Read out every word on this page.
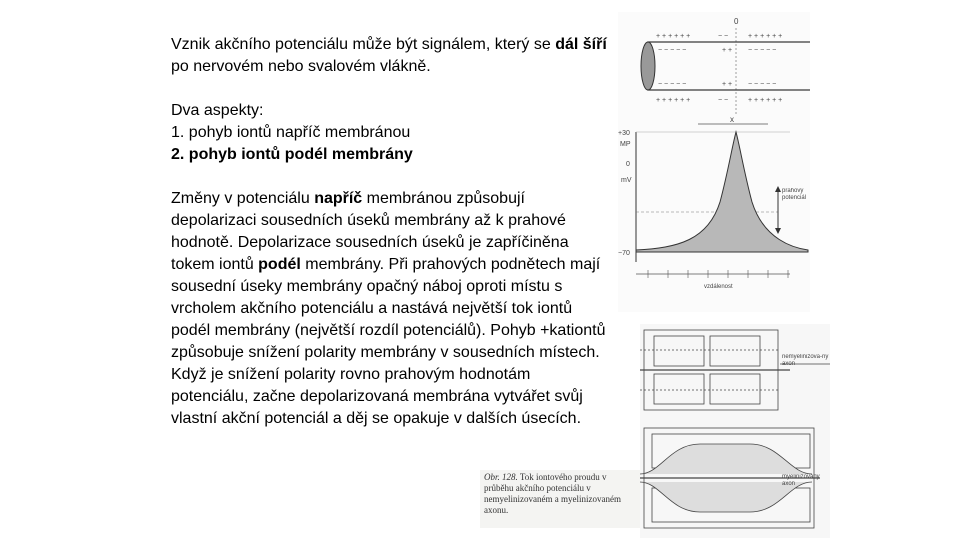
Vznik akčního potenciálu může být signálem, který se dál šíří po nervovém nebo svalovém vlákně.

Dva aspekty:
1. pohyb iontů napříč membránou
2. pohyb iontů podél membrány

Změny v potenciálu napříč membránou způsobují depolarizaci sousedních úseků membrány až k prahové hodnotě. Depolarizace sousedních úseků je zapříčiněna tokem iontů podél membrány. Při prahových podnětech mají sousední úseky membrány opačný náboj oproti místu s vrcholem akčního potenciálu a nastává největší tok iontů podél membrány (největší rozdíl potenciálů). Pohyb +kationtů způsobuje snížení polarity membrány v sousedních místech. Když je snížení polarity rovno prahovým hodnotám potenciálu, začne depolarizovaná membrána vytvářet svůj vlastní akční potenciál a děj se opakuje v dalších úsecích.

0
+ + + + + +	+ + + + + +
− −
− − − − −	− − − − −
+ +
− − − − −	− − − − −
+ +
+ + + + + +	+ + + + + +
− −
x
+30
MP
0
mV
−70
prahový potenciál
vzdálenost
nemyelinizova-ný axon
myelinizovaný axon
Obr. 128. Tok iontového proudu v průběhu akčního potenciálu v nemyelinizovaném a myelinizovaném axonu.
